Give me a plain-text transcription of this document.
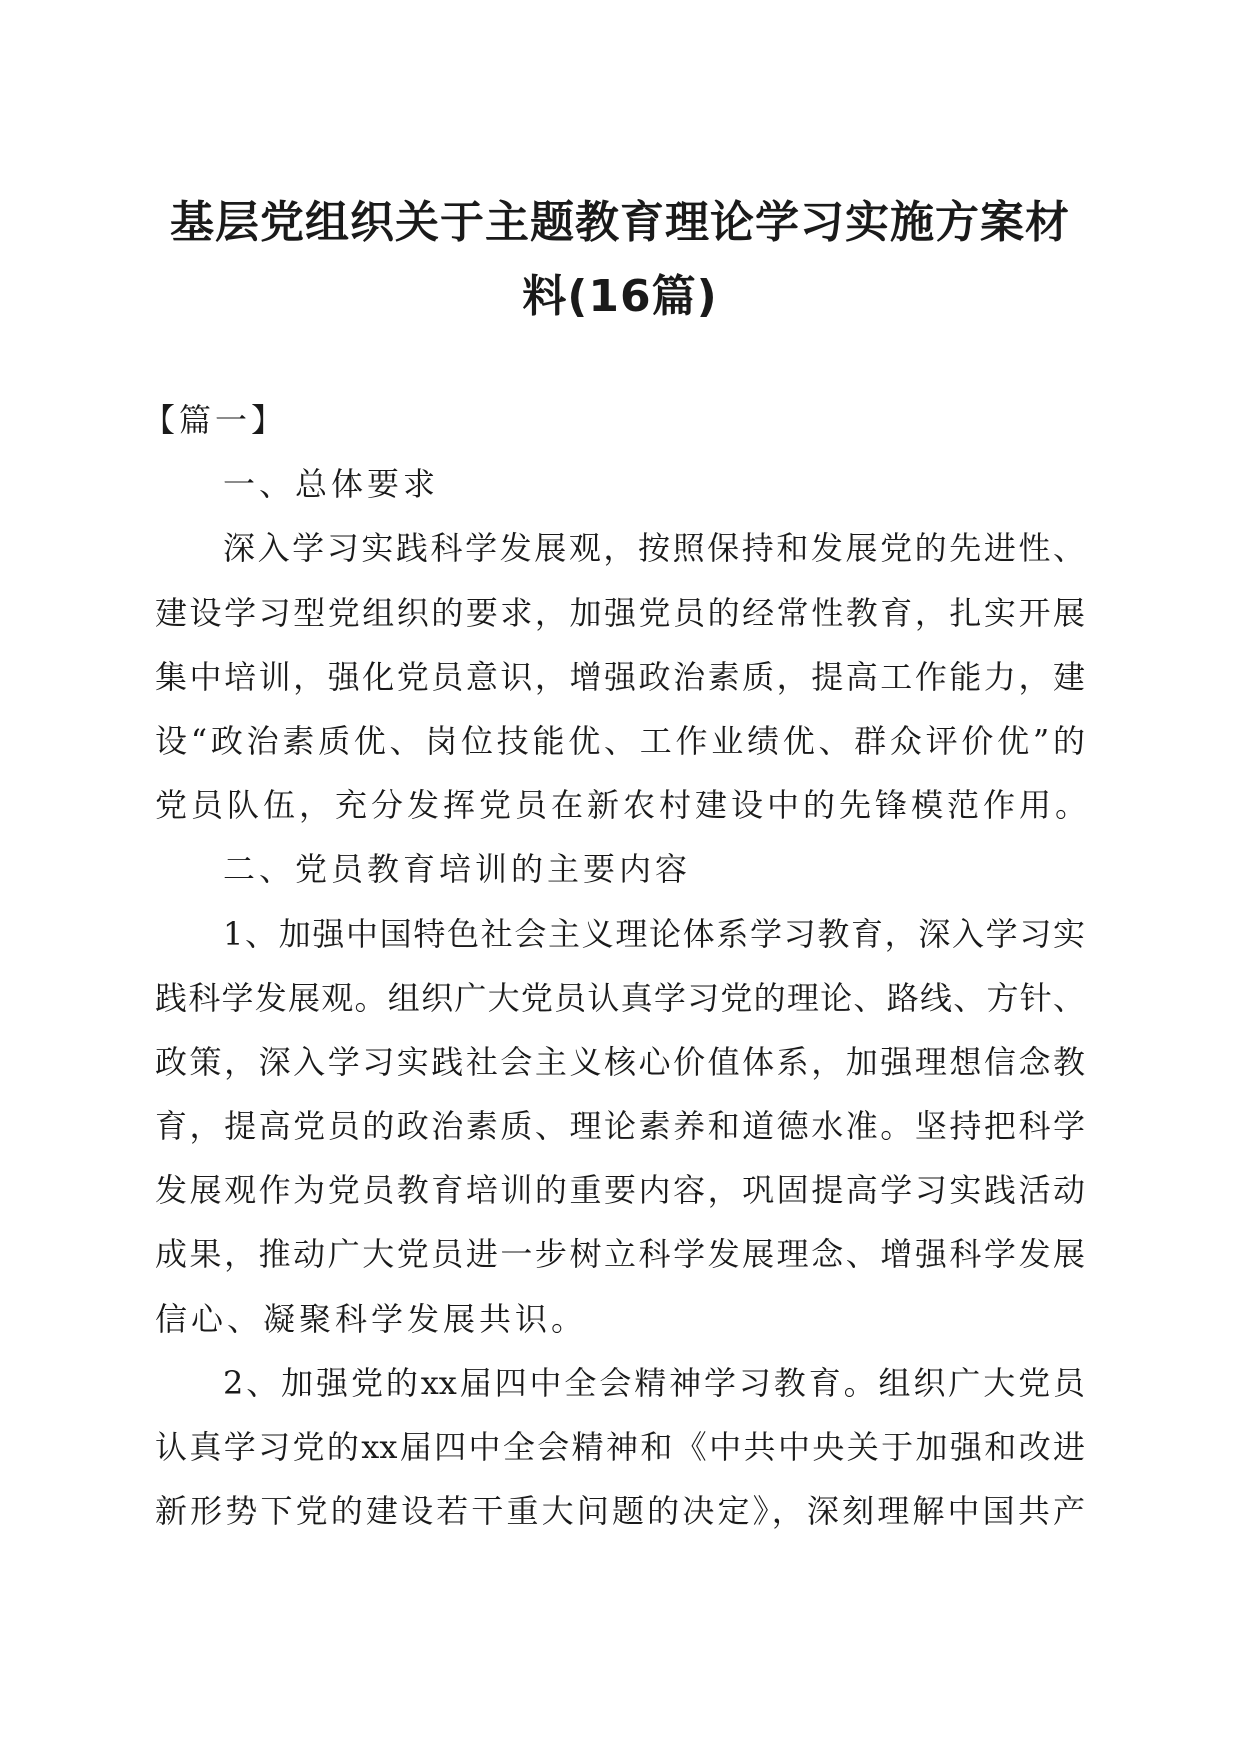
基层党组织关于主题教育理论学习实施方案材
料(16篇)

【篇一】

一、总体要求

深入学习实践科学发展观，按照保持和发展党的先进性、

建设学习型党组织的要求，加强党员的经常性教育，扎实开展

集中培训，强化党员意识，增强政治素质，提高工作能力，建

设“政治素质优、岗位技能优、工作业绩优、群众评价优”的

党员队伍，充分发挥党员在新农村建设中的先锋模范作用。

二、党员教育培训的主要内容

1、加强中国特色社会主义理论体系学习教育，深入学习实

践科学发展观。组织广大党员认真学习党的理论、路线、方针、

政策，深入学习实践社会主义核心价值体系，加强理想信念教

育，提高党员的政治素质、理论素养和道德水准。坚持把科学

发展观作为党员教育培训的重要内容，巩固提高学习实践活动

成果，推动广大党员进一步树立科学发展理念、增强科学发展

信心、凝聚科学发展共识。

2、加强党的xx届四中全会精神学习教育。组织广大党员

认真学习党的xx届四中全会精神和《中共中央关于加强和改进

新形势下党的建设若干重大问题的决定》，深刻理解中国共产
